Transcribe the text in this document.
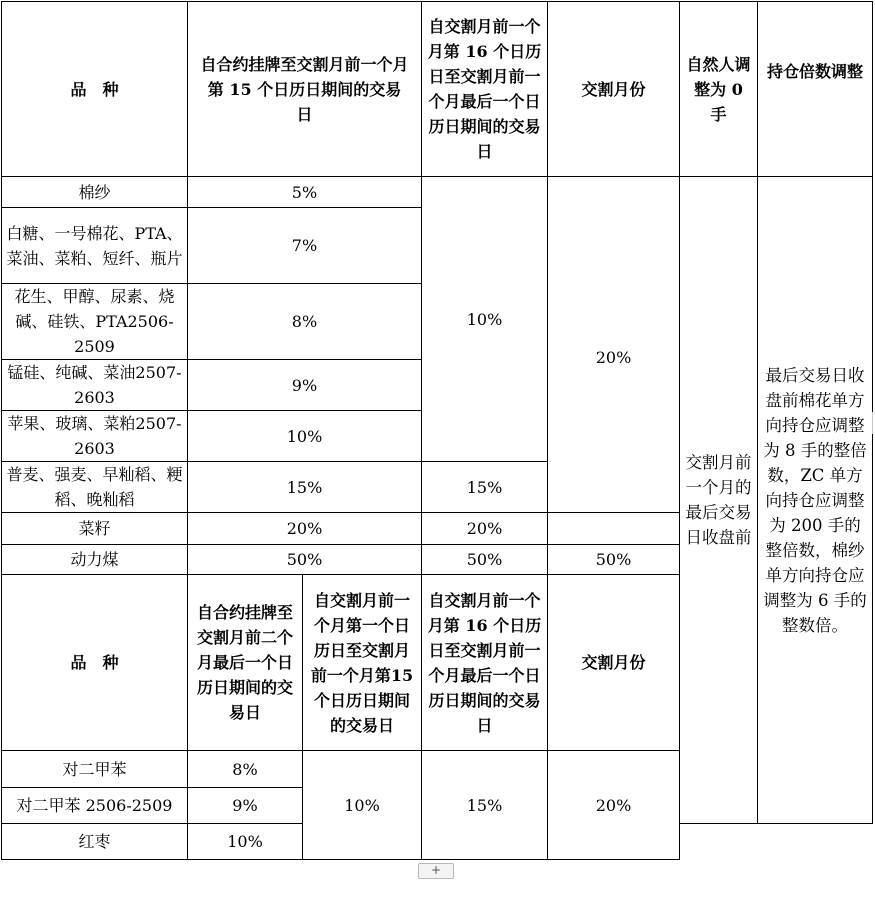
品　种	自合约挂牌至交割月前一个月第 15 个日历日期间的交易日		自交割月前一个月第 16 个日历日至交割月前一个月最后一个日历日期间的交易日	交割月份	自然人调整为 0 手	持仓倍数调整
棉纱	5%		10%	20%	交割月前一个月的最后交易日收盘前	最后交易日收盘前棉花单方向持仓应调整为 8 手的整倍数，ZC 单方向持仓应调整为 200 手的整倍数，棉纱单方向持仓应调整为 6 手的整数倍。
白糖、一号棉花、PTA、菜油、菜粕、短纤、瓶片	7%					
花生、甲醇、尿素、烧碱、硅铁、PTA2506-2509	8%					
锰硅、纯碱、菜油2507-2603	9%					
苹果、玻璃、菜粕2507-2603	10%					
普麦、强麦、早籼稻、粳稻、晚籼稻	15%		15%			
菜籽	20%		20%			
动力煤	50%		50%	50%		
品　种	自合约挂牌至交割月前二个月最后一个日历日期间的交易日	自交割月前一个月第一个日历日至交割月前一个月第15个日历日期间的交易日	自交割月前一个月第 16 个日历日至交割月前一个月最后一个日历日期间的交易日	交割月份		
对二甲苯	8%	10%	15%	20%		
对二甲苯 2506-2509	9%					
红枣	10%					
+
